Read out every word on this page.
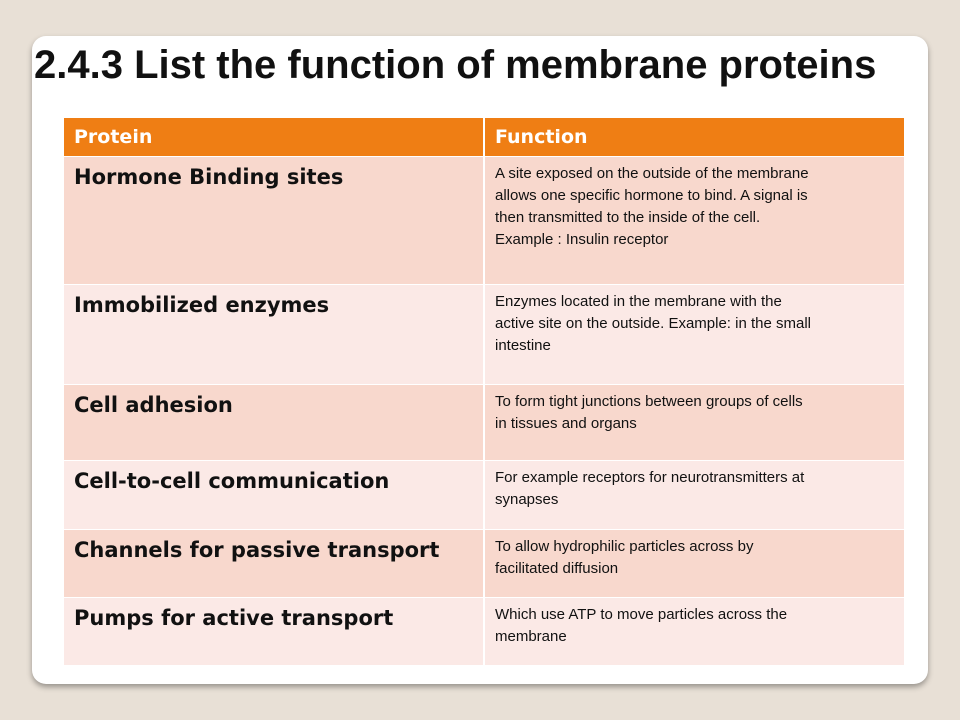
2.4.3 List the function of membrane proteins
Protein	Function
Hormone Binding sites	A site exposed on the outside of the membrane
allows one specific hormone to bind. A signal is
then transmitted to the inside of the cell.
Example : Insulin receptor

Immobilized enzymes	Enzymes located in the membrane with the
active site on the outside. Example: in the small
intestine

Cell adhesion	To form tight junctions between groups of cells
in tissues and organs

Cell-to-cell communication	For example receptors for neurotransmitters at
synapses

Channels for passive transport	To allow hydrophilic particles across by
facilitated diffusion

Pumps for active transport	Which use ATP to move particles across the
membrane
